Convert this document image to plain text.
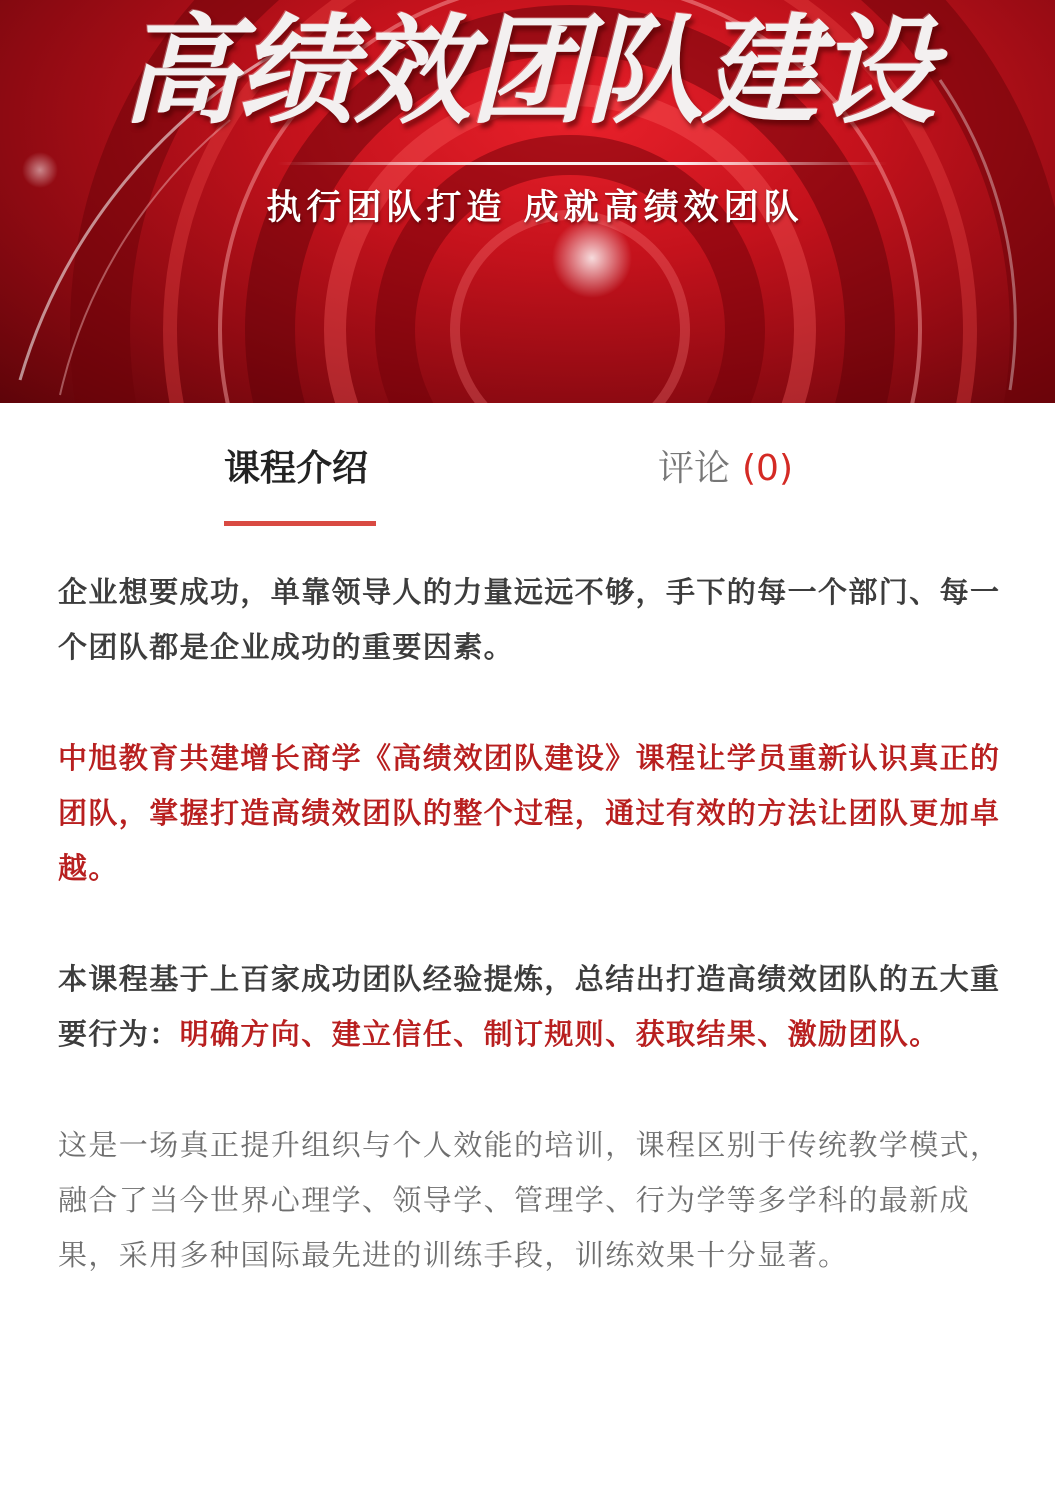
高绩效团队建设
执行团队打造 成就高绩效团队
课程介绍	评论 (0)

企业想要成功，单靠领导人的力量远远不够，手下的每一个部门、每一个团队都是企业成功的重要因素。

中旭教育共建增长商学《高绩效团队建设》课程让学员重新认识真正的团队，掌握打造高绩效团队的整个过程，通过有效的方法让团队更加卓越。

本课程基于上百家成功团队经验提炼，总结出打造高绩效团队的五大重要行为：明确方向、建立信任、制订规则、获取结果、激励团队。

这是一场真正提升组织与个人效能的培训，课程区别于传统教学模式，融合了当今世界心理学、领导学、管理学、行为学等多学科的最新成果，采用多种国际最先进的训练手段，训练效果十分显著。
